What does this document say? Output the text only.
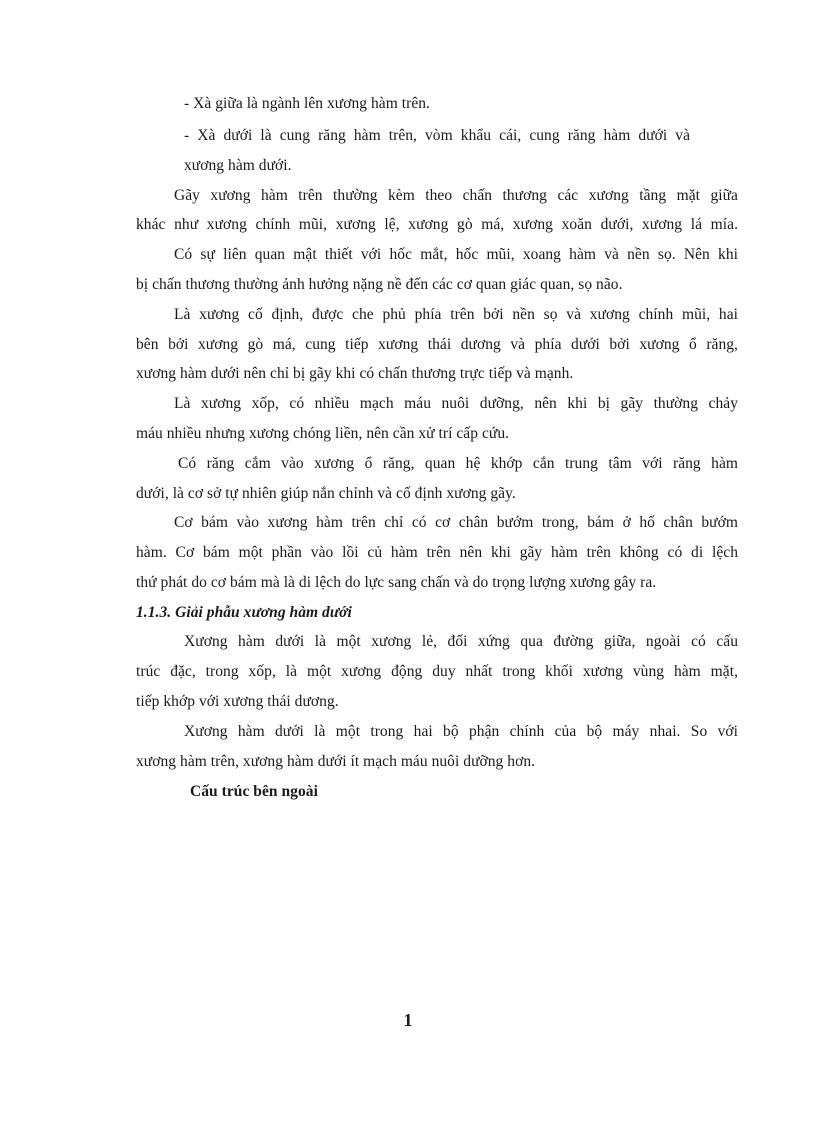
- Xà giữa là ngành lên xương hàm trên.
- Xà dưới là cung răng hàm trên, vòm khẩu cái, cung răng hàm dưới và
xương hàm dưới.
Gãy xương hàm trên thường kèm theo chấn thương các xương tầng mặt giữa
khác như xương chính mũi, xương lệ, xương gò má, xương xoăn dưới, xương lá mía.
Có sự liên quan mật thiết với hốc mắt, hốc mũi, xoang hàm và nền sọ. Nên khi
bị chấn thương thường ảnh hưởng nặng nề đến các cơ quan giác quan, sọ não.
Là xương cố định, được che phủ phía trên bởi nền sọ và xương chính mũi, hai
bên bởi xương gò má, cung tiếp xương thái dương và phía dưới bởi xương ổ răng,
xương hàm dưới nên chỉ bị gãy khi có chấn thương trực tiếp và mạnh.
Là xương xốp, có nhiều mạch máu nuôi dưỡng, nên khi bị gãy thường chảy
máu nhiều nhưng xương chóng liền, nên cần xử trí cấp cứu.
Có răng cắm vào xương ổ răng, quan hệ khớp cắn trung tâm với răng hàm
dưới, là cơ sở tự nhiên giúp nắn chỉnh và cố định xương gãy.
Cơ bám vào xương hàm trên chỉ có cơ chân bướm trong, bám ở hố chân bướm
hàm. Cơ bám một phần vào lồi củ hàm trên nên khi gãy hàm trên không có di lệch
thứ phát do cơ bám mà là di lệch do lực sang chấn và do trọng lượng xương gây ra.
1.1.3. Giải phẫu xương hàm dưới
Xương hàm dưới là một xương lẻ, đối xứng qua đường giữa, ngoài có cấu
trúc đặc, trong xốp, là một xương động duy nhất trong khối xương vùng hàm mặt,
tiếp khớp với xương thái dương.
Xương hàm dưới là một trong hai bộ phận chính của bộ máy nhai. So với
xương hàm trên, xương hàm dưới ít mạch máu nuôi dưỡng hơn.
Cấu trúc bên ngoài
1
